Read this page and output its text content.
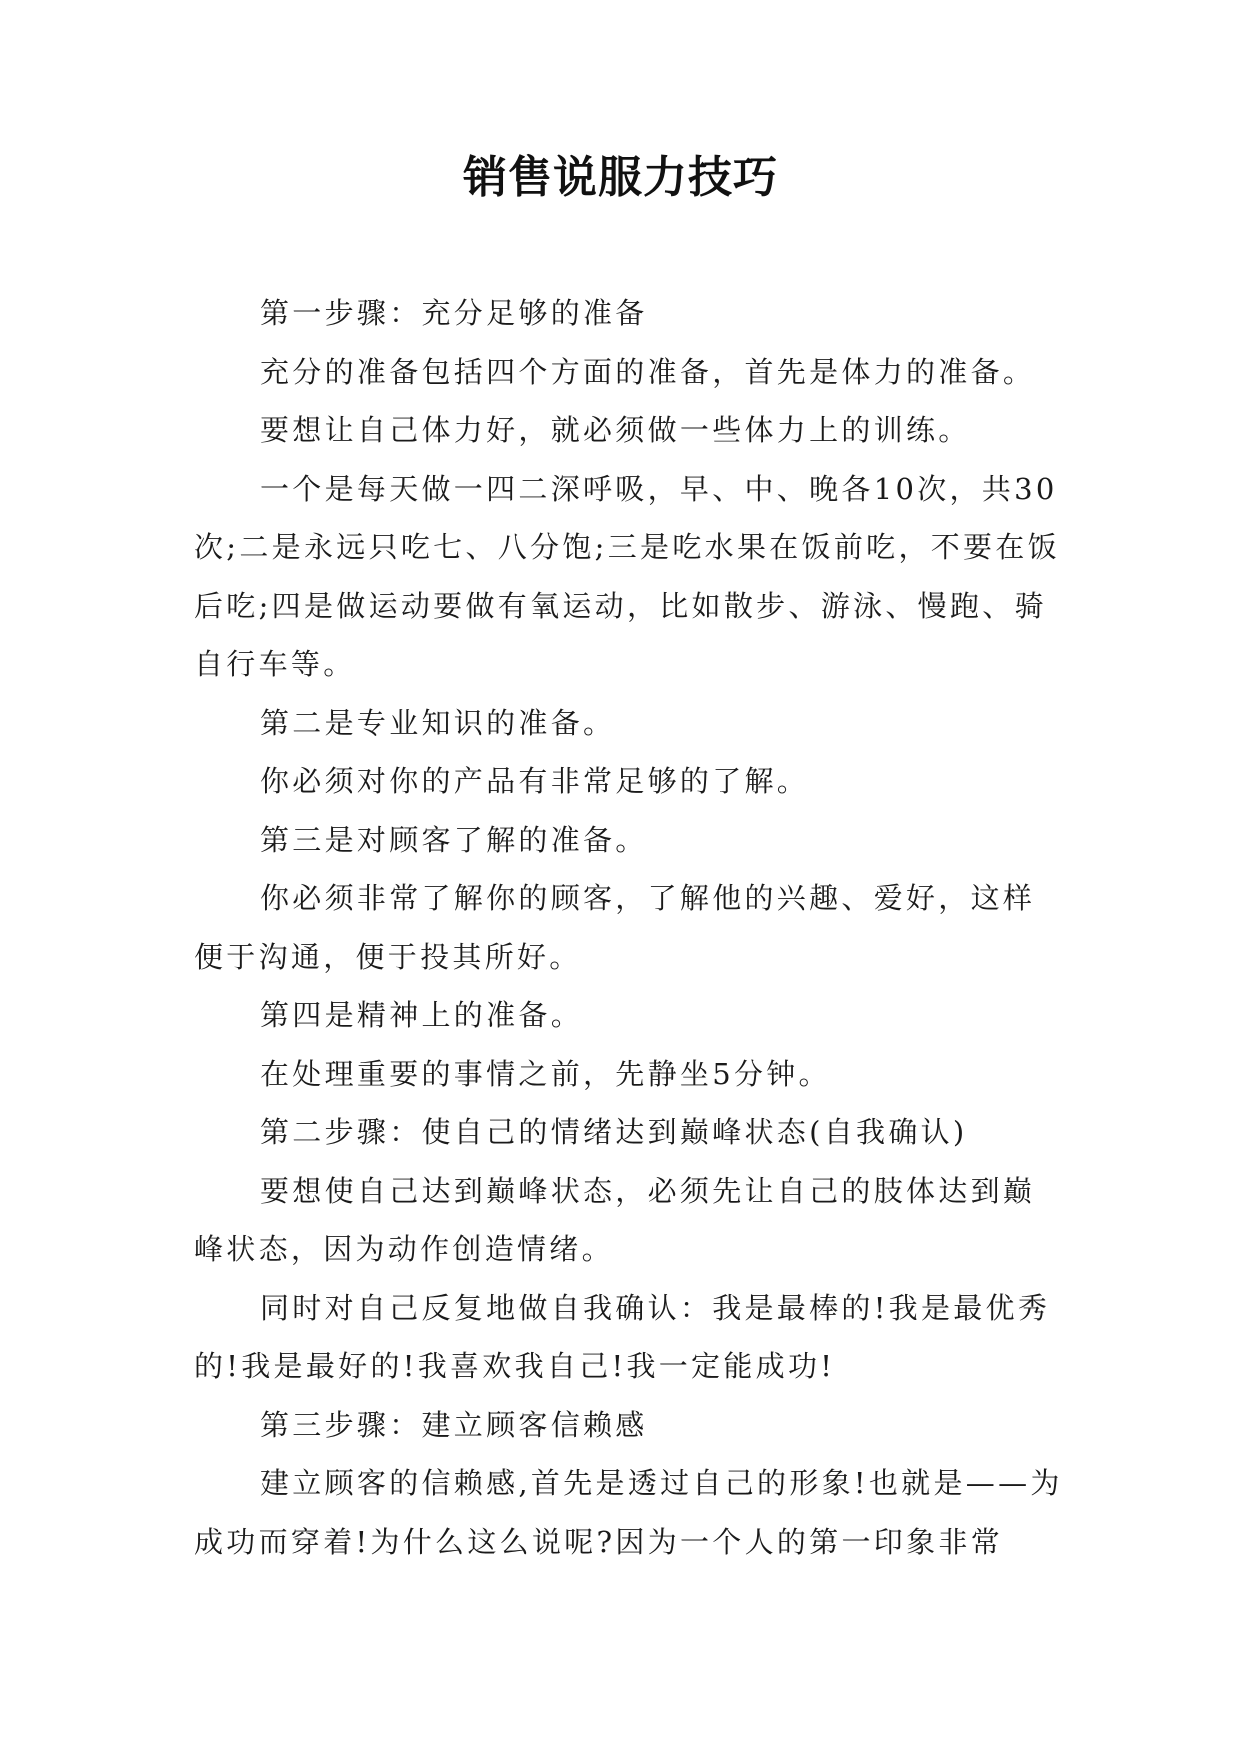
销售说服力技巧

第一步骤：充分足够的准备

充分的准备包括四个方面的准备，首先是体力的准备。

要想让自己体力好，就必须做一些体力上的训练。

一个是每天做一四二深呼吸，早、中、晚各10次，共30次;二是永远只吃七、八分饱;三是吃水果在饭前吃，不要在饭后吃;四是做运动要做有氧运动，比如散步、游泳、慢跑、骑自行车等。

第二是专业知识的准备。

你必须对你的产品有非常足够的了解。

第三是对顾客了解的准备。

你必须非常了解你的顾客，了解他的兴趣、爱好，这样便于沟通，便于投其所好。

第四是精神上的准备。

在处理重要的事情之前，先静坐5分钟。

第二步骤：使自己的情绪达到巅峰状态(自我确认)

要想使自己达到巅峰状态，必须先让自己的肢体达到巅峰状态，因为动作创造情绪。

同时对自己反复地做自我确认：我是最棒的!我是最优秀的!我是最好的!我喜欢我自己!我一定能成功!

第三步骤：建立顾客信赖感

建立顾客的信赖感,首先是透过自己的形象!也就是——为成功而穿着!为什么这么说呢?因为一个人的第一印象非常
